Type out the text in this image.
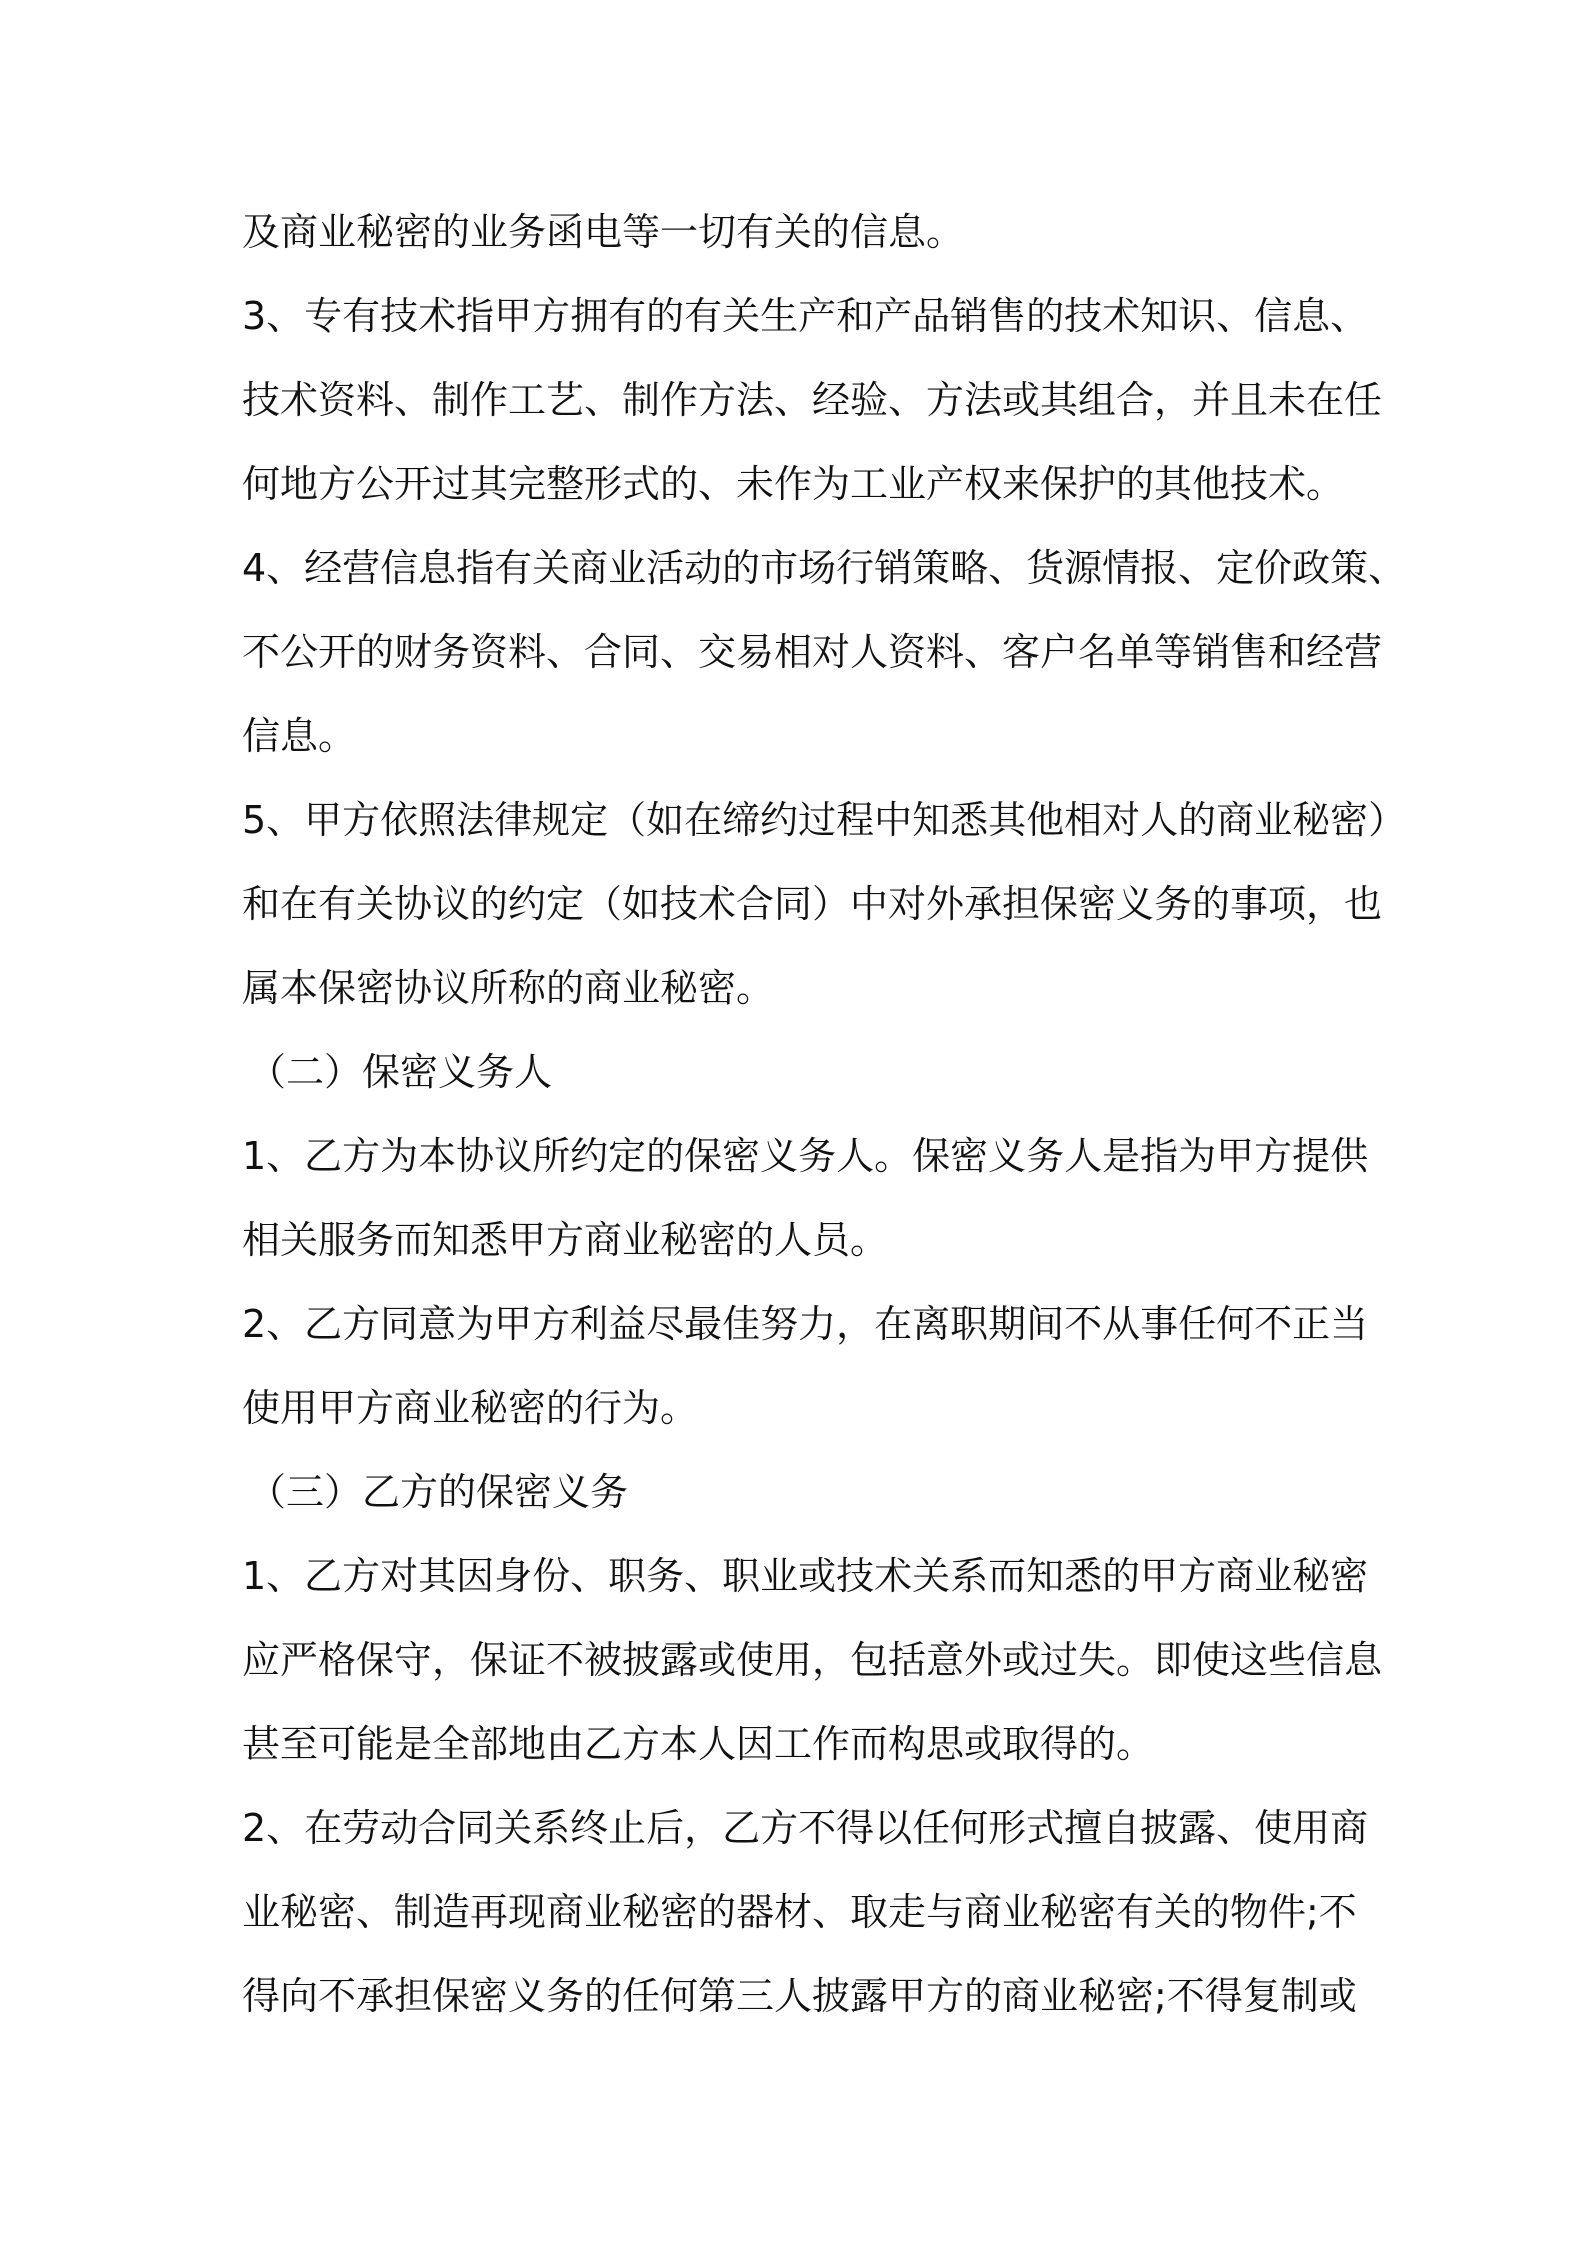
及商业秘密的业务函电等一切有关的信息。
3、专有技术指甲方拥有的有关生产和产品销售的技术知识、信息、
技术资料、制作工艺、制作方法、经验、方法或其组合，并且未在任
何地方公开过其完整形式的、未作为工业产权来保护的其他技术。
4、经营信息指有关商业活动的市场行销策略、货源情报、定价政策、
不公开的财务资料、合同、交易相对人资料、客户名单等销售和经营
信息。
5、甲方依照法律规定（如在缔约过程中知悉其他相对人的商业秘密）
和在有关协议的约定（如技术合同）中对外承担保密义务的事项，也
属本保密协议所称的商业秘密。
（二）保密义务人
1、乙方为本协议所约定的保密义务人。保密义务人是指为甲方提供
相关服务而知悉甲方商业秘密的人员。
2、乙方同意为甲方利益尽最佳努力，在离职期间不从事任何不正当
使用甲方商业秘密的行为。
（三）乙方的保密义务
1、乙方对其因身份、职务、职业或技术关系而知悉的甲方商业秘密
应严格保守，保证不被披露或使用，包括意外或过失。即使这些信息
甚至可能是全部地由乙方本人因工作而构思或取得的。
2、在劳动合同关系终止后，乙方不得以任何形式擅自披露、使用商
业秘密、制造再现商业秘密的器材、取走与商业秘密有关的物件;不
得向不承担保密义务的任何第三人披露甲方的商业秘密;不得复制或
